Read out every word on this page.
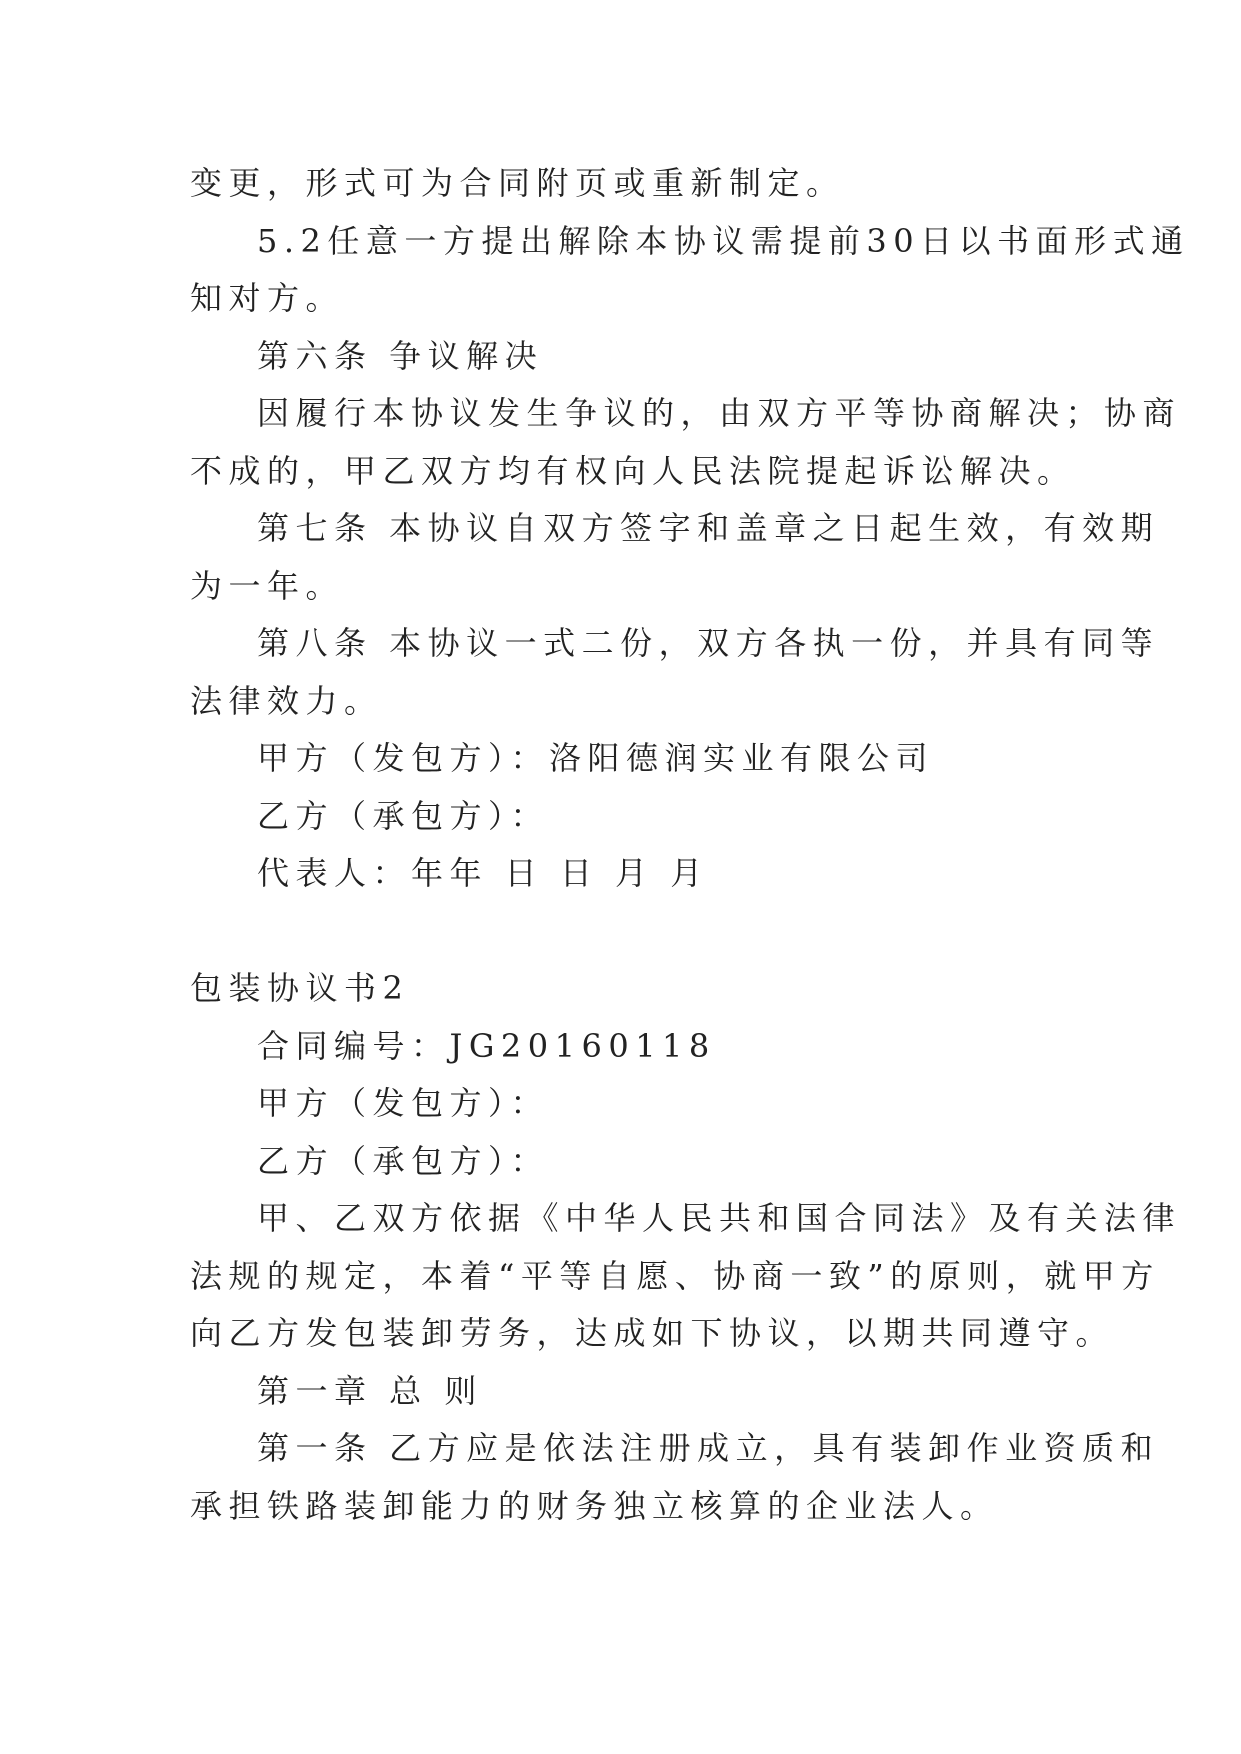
变更，形式可为合同附页或重新制定。

5.2任意一方提出解除本协议需提前30日以书面形式通

知对方。

第六条 争议解决

因履行本协议发生争议的，由双方平等协商解决；协商

不成的，甲乙双方均有权向人民法院提起诉讼解决。

第七条 本协议自双方签字和盖章之日起生效，有效期

为一年。

第八条 本协议一式二份，双方各执一份，并具有同等

法律效力。

甲方（发包方）：洛阳德润实业有限公司

乙方（承包方）：

代表人：年年 日 日 月 月

包装协议书2

合同编号：JG20160118

甲方（发包方）：

乙方（承包方）：

甲、乙双方依据《中华人民共和国合同法》及有关法律

法规的规定，本着“平等自愿、协商一致”的原则，就甲方

向乙方发包装卸劳务，达成如下协议，以期共同遵守。

第一章 总 则

第一条 乙方应是依法注册成立，具有装卸作业资质和

承担铁路装卸能力的财务独立核算的企业法人。
